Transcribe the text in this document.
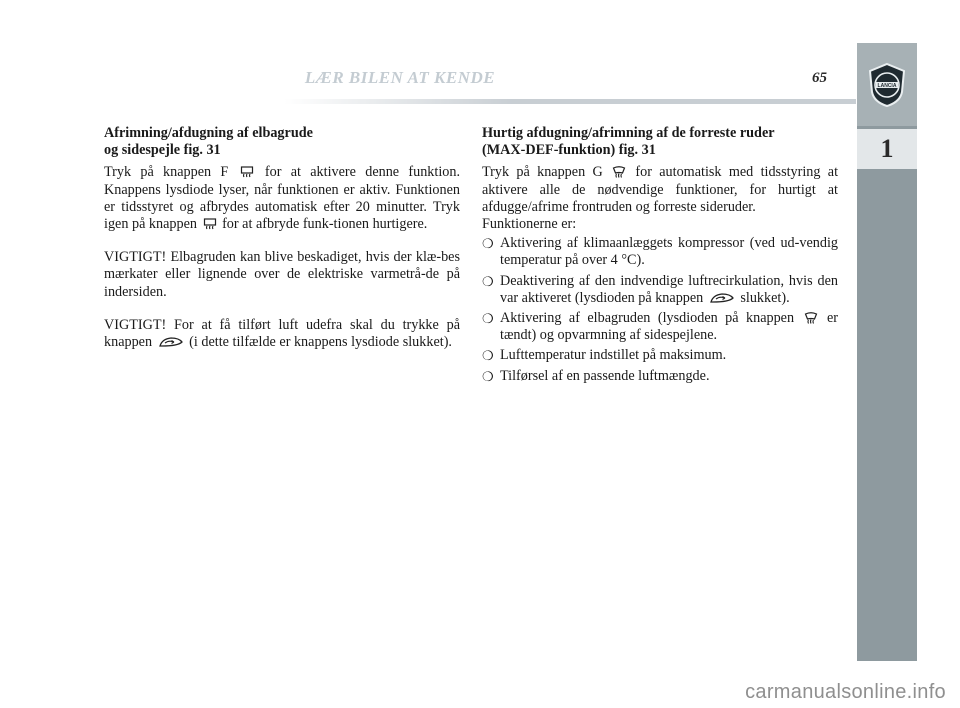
LÆR BILEN AT KENDE	65	LANCIA
1

Afrimning/afdugning af elbagrude
og sidespejle fig. 31

Tryk på knappen F	for at aktivere denne funktion. Knappens lysdiode lyser, når funktionen er aktiv. Funktionen er tidsstyret og afbrydes automatisk efter 20 minutter. Tryk igen på knappen for at afbryde funk-tionen hurtigere.

VIGTIGT! Elbagruden kan blive beskadiget, hvis der klæ-bes mærkater eller lignende over de elektriske varmetrå-de på indersiden.

VIGTIGT! For at få tilført luft udefra skal du trykke på knappen	(i dette tilfælde er knappens lysdiode slukket).

Hurtig afdugning/afrimning af de forreste ruder
(MAX-DEF-funktion) fig. 31

Tryk på knappen G for automatisk med tidsstyring at aktivere alle de nødvendige funktioner, for hurtigt at afdugge/afrime frontruden og forreste sideruder.

Funktionerne er:

❍ Aktivering af klimaanlæggets kompressor (ved ud-vendig temperatur på over 4 °C).
❍ Deaktivering af den indvendige luftrecirkulation, hvis den var aktiveret (lysdioden på knappen	slukket).
❍ Aktivering af elbagruden (lysdioden på knappen er tændt) og opvarmning af sidespejlene.
❍ Lufttemperatur indstillet på maksimum.
❍ Tilførsel af en passende luftmængde.
carmanualsonline.info
